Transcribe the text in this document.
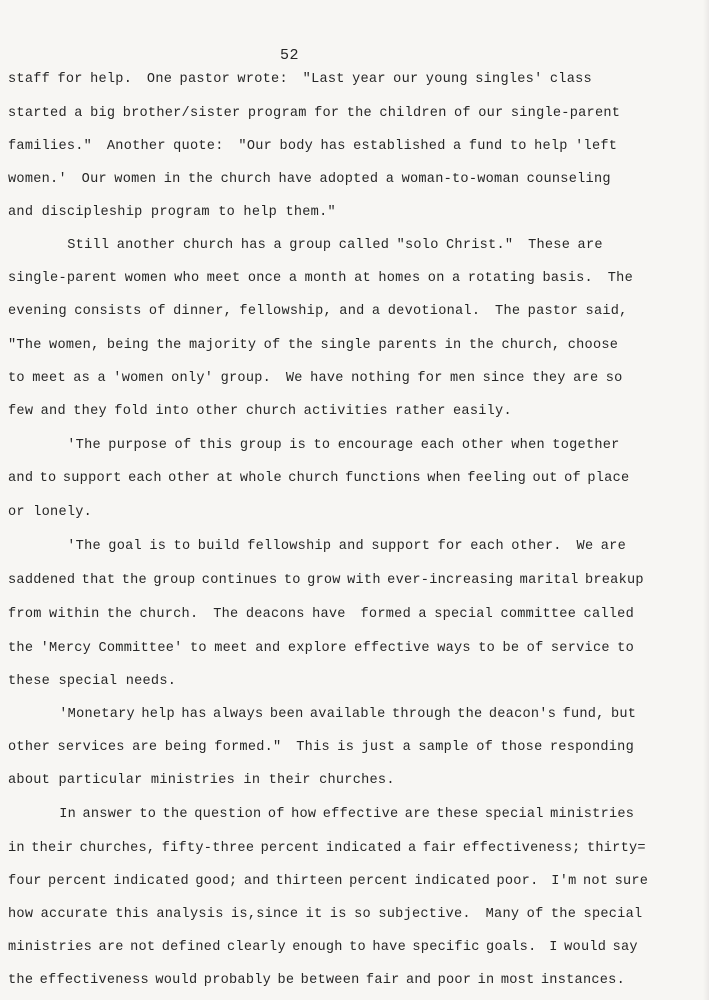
52
staff for help.  One pastor wrote:  "Last year our young singles' class
started a big brother/sister program for the children of our single-parent
families."  Another quote:  "Our body has established a fund to help 'left
women.'  Our women in the church have adopted a woman-to-woman counseling
and discipleship program to help them."
Still another church has a group called "solo Christ."  These are
single-parent women who meet once a month at homes on a rotating basis.  The
evening consists of dinner, fellowship, and a devotional.  The pastor said,
"The women, being the majority of the single parents in the church, choose
to meet as a 'women only' group.  We have nothing for men since they are so
few and they fold into other church activities rather easily.
'The purpose of this group is to encourage each other when together
and to support each other at whole church functions when feeling out of place
or lonely.
'The goal is to build fellowship and support for each other.  We are
saddened that the group continues to grow with ever-increasing marital breakup
from within the church.  The deacons have  formed a special committee called
the 'Mercy Committee' to meet and explore effective ways to be of service to
these special needs.
'Monetary help has always been available through the deacon's fund, but
other services are being formed."  This is just a sample of those responding
about particular ministries in their churches.
In answer to the question of how effective are these special ministries
in their churches, fifty-three percent indicated a fair effectiveness; thirty=
four percent indicated good; and thirteen percent indicated poor.  I'm not sure
how accurate this analysis is,since it is so subjective.  Many of the special
ministries are not defined clearly enough to have specific goals.  I would say
the effectiveness would probably be between fair and poor in most instances.
